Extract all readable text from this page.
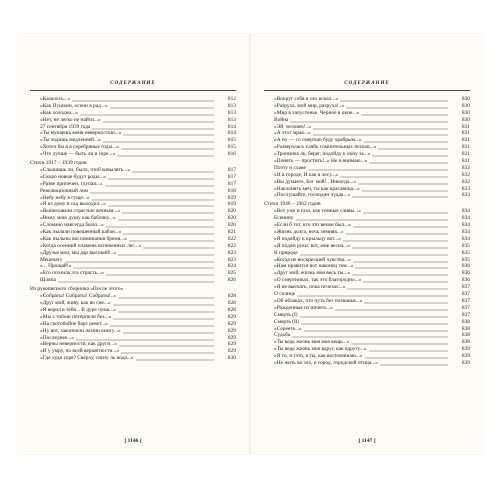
СОДЕРЖАНИЕ
«Казалось...»	812
«Как Пушкин, осени я рад...»	813
«Как холодно...»	813
«Нет, не легко не найти...»	813
27 сентября 1939 года	814
«Ты мучаешь меня неверностью...»	814
«Ты ходишь медленней...»	815
«Хотел бы я в серебряные годы...»	815
«Что лучше — быть ли в горе...»	816
Стихи 1917 – 1939 годов
«Слышишь ли, было, чтоб ковылять...»	817
«Скоро новые будут роды...»	817
«Разве припечен, глупая...»	817
Революционный лом	818
«Небу небу в гуще...»	819
«Я из дому в сад выходил...»	819
«Выписывали страстью вечным...»	820
«Вижу мою душу как бабочку...»	820
«Сломано навсегда было...»	820
«Как пылали повешенный кабан...»	821
«Как пыльны воспоминания бремя...»	822
«Когда осенний пламень вспененных лес...»	822
«Друзья мои, мы дар высокий!..»	823
Меценату	823
«... Прощай!»	824
«Его поэзила эта страсть...»	825
Шляпа	826
Из рукописного сборника «После этого»
«Собраты! Собраты! Собраты!..»	828
«Друг мой, живу, как во сне...»	828
«Я верил в тебя... В дуре чума...»	828
«Мы с тобою потерпели без...»	829
«На скотобойне барс ревет...»	829
«Ну вот, закончили жизни книгу...»	829
«Последнее...»	829
«Верны неверности, как други...»	829
«И у умру, по всей вероятности...»	829
«Где худи горе? Сверху, снизу ль вода...»	830
[ 1146 ]
СОДЕРЖАНИЕ
«Вокруг себя я зло искал...»	830
«Разруха, мой мир, разруха!..»	830
«Мир в запустенье. Черное в окне...»	830
Война	830
«Эй, человек!..»	831
«А этот мрак...»	831
«А ну — со смертью буду храбрым...»	831
«Разверзлась хлябь сомнительных песков...»	831
«Тропинка ль, берег, подойду к окну за...»	831
«Понять — простить!..» Не я внимаю...»	831
Поэту и славе	832
«И в городе, И как в лесу...»	832
«Вы думаете, Бог мой!.. Никогда...»	832
«Наклонять меч, ты как красавица...»	833
«Послушайте, господин чудак...»	833
Стихи 1940 – 1962 годов
«Вот уже и глаз, как темные сливы...»	834
Есенину	834
«Если б тот, кто это веком был...»	834
«Жизнь долга, ночь зимняя...»	834
«Я подойду к крыльцу вот...»	834
«Я подам руки: вот, мне весна...»	835
К природе	835
«Когда не воскресшей чувства...»	835
«Нам нравится вот наконец тем...»	836
«Друг мой, жизнь моя весь ты...»	836
«О смертниках, так это благородно...»	836
«Я не выехать, пока исчезал...»	837
О солнце	837
«Об облаках, что путь без познанья...»	837
«Рожденные из ничего...»	837
Смерть (I)	837
Смерть (II)	838
«Сереете...»	838
Судьба	838
«Ты ведь жизнь моя моя вещь...»	838
«Ты ведь жизнь моя вдруг, как вдругу...»	839
«Я то, я тэто, я ты, как воспоминаю...»	839
«Не жить во зло, о город, городской птица...»	839
[ 1147 ]
